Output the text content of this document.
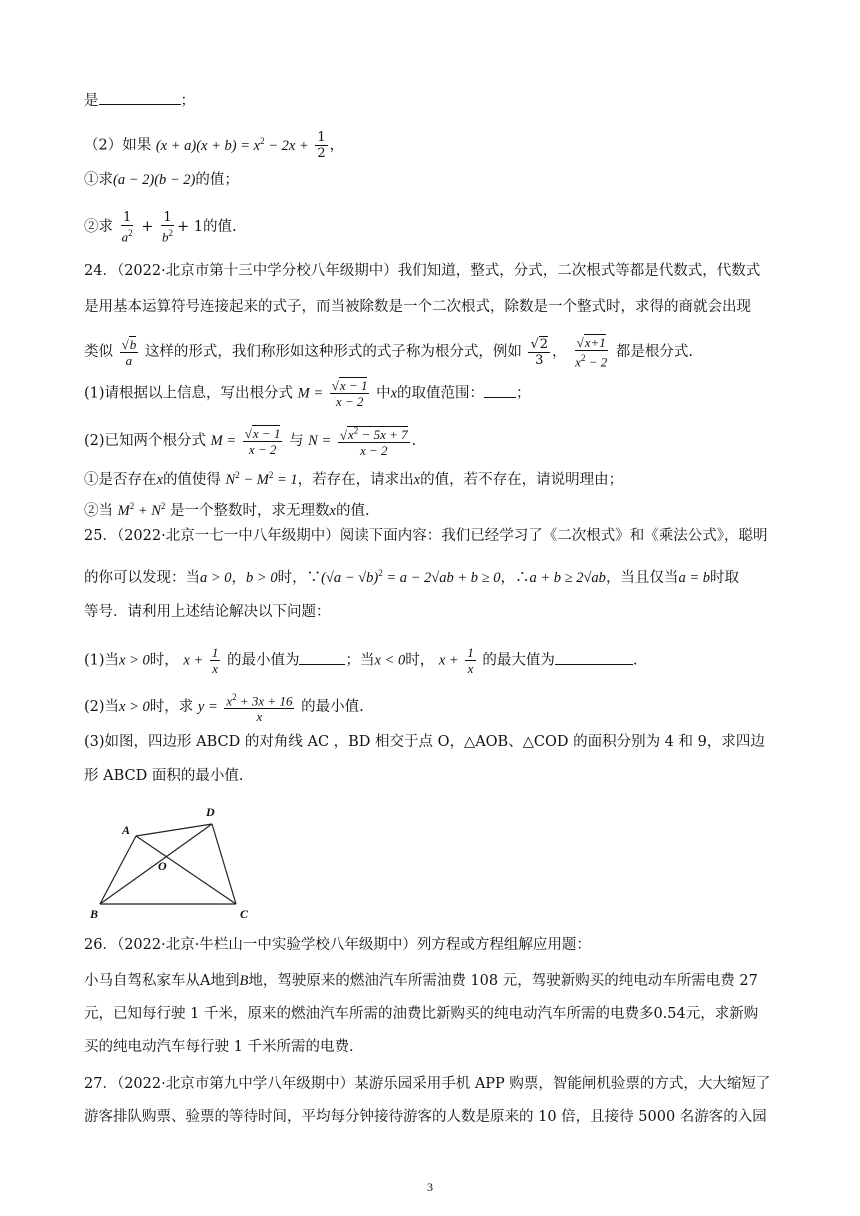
是	；
（2）如果 $(x + a)(x + b) = x^2 - 2x + \frac{1}{2}$ ，
①求(a − 2)(b − 2)的值；
②求 $\frac{1}{a^2} + \frac{1}{b^2} + 1$的值.
24．（2022·北京市第十三中学分校八年级期中）我们知道，整式，分式，二次根式等都是代数式，代数式
是用基本运算符号连接起来的式子，而当被除数是一个二次根式，除数是一个整式时，求得的商就会出现
类似 $\frac{√b}{a}$ 这样的形式，我们称形如这种形式的式子称为根分式，例如 $\frac{√2}{3}$ ， $\frac{√x+1}{x^2 - 2}$ 都是根分式.
(1)请根据以上信息，写出根分式 $M = \frac{√x - 1}{x - 2}$ 中x的取值范围： ；
(2)已知两个根分式 $M = \frac{√x - 1}{x - 2}$ 与 $N = \frac{√x^2 - 5x + 7}{x - 2}$ .
①是否存在x的值使得 $N^2 - M^2 = 1$，若存在，请求出x的值，若不存在，请说明理由；
②当 $M^2 + N^2$ 是一个整数时，求无理数x的值.
25．（2022·北京一七一中八年级期中）阅读下面内容：我们已经学习了《二次根式》和《乘法公式》，聪明
的你可以发现：当a > 0，b > 0时，∵(√a − √b)$^2$ = a − 2√ab + b ≥ 0，∴a + b ≥ 2√ab，当且仅当a = b时取
等号．请利用上述结论解决以下问题：
(1)当x > 0时， $x + \frac{1}{x}$ 的最小值为	；当x < 0时， $x + \frac{1}{x}$ 的最大值为	.
(2)当x > 0时，求 $y = \frac{x^2 + 3x + 16}{x}$ 的最小值.
(3)如图，四边形 ABCD 的对角线 AC ，BD 相交于点 O，△AOB、△COD 的面积分别为 4 和 9，求四边
形 ABCD 面积的最小值.
A
D
B	C
O
26．（2022·北京·牛栏山一中实验学校八年级期中）列方程或方程组解应用题：
小马自驾私家车从A地到B地，驾驶原来的燃油汽车所需油费 108 元，驾驶新购买的纯电动车所需电费 27
元，已知每行驶 1 千米，原来的燃油汽车所需的油费比新购买的纯电动汽车所需的电费多0.54元，求新购
买的纯电动汽车每行驶 1 千米所需的电费.
27．（2022·北京市第九中学八年级期中）某游乐园采用手机 APP 购票，智能闸机验票的方式，大大缩短了
游客排队购票、验票的等待时间，平均每分钟接待游客的人数是原来的 10 倍，且接待 5000 名游客的入园
3
